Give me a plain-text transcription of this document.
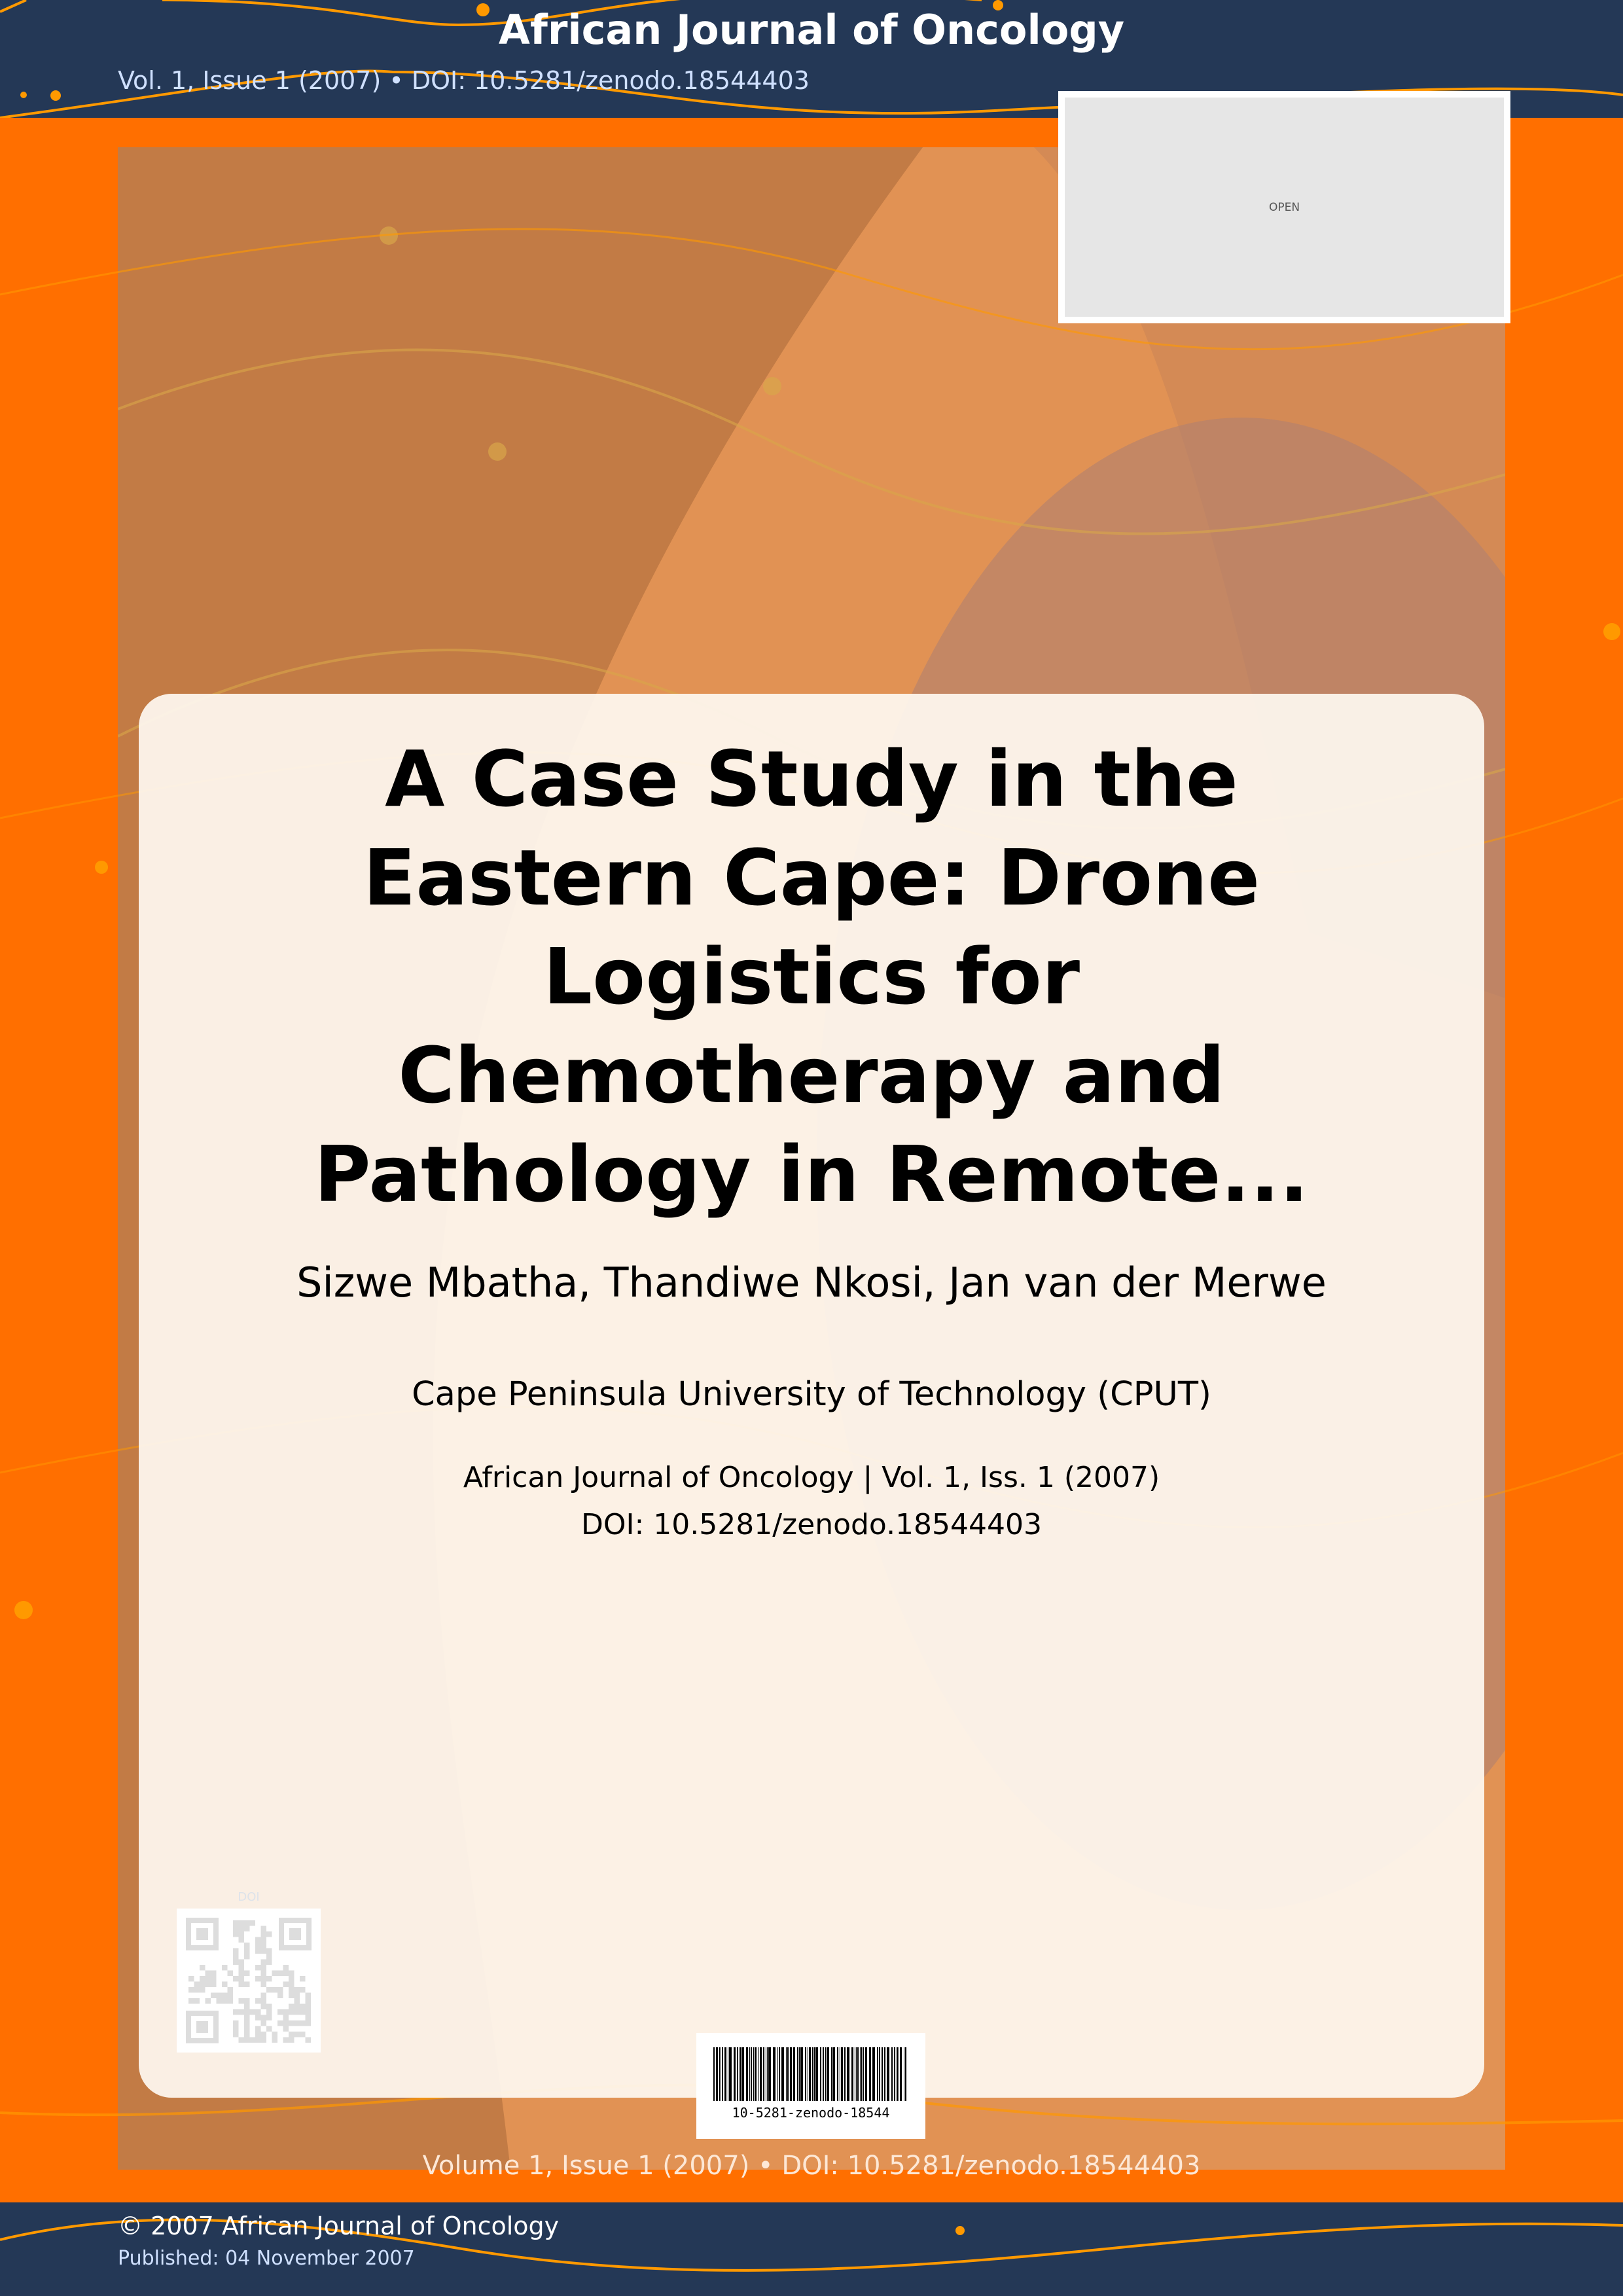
African Journal of Oncology
Vol. 1, Issue 1 (2007) • DOI: 10.5281/zenodo.18544403
OPEN
A Case Study in the Eastern Cape: Drone Logistics for Chemotherapy and Pathology in Remote...
Sizwe Mbatha, Thandiwe Nkosi, Jan van der Merwe
Cape Peninsula University of Technology (CPUT)
African Journal of Oncology | Vol. 1, Iss. 1 (2007)
DOI: 10.5281/zenodo.18544403
DOI
10-5281-zenodo-18544
Volume 1, Issue 1 (2007) • DOI: 10.5281/zenodo.18544403
© 2007 African Journal of Oncology
Published: 04 November 2007
